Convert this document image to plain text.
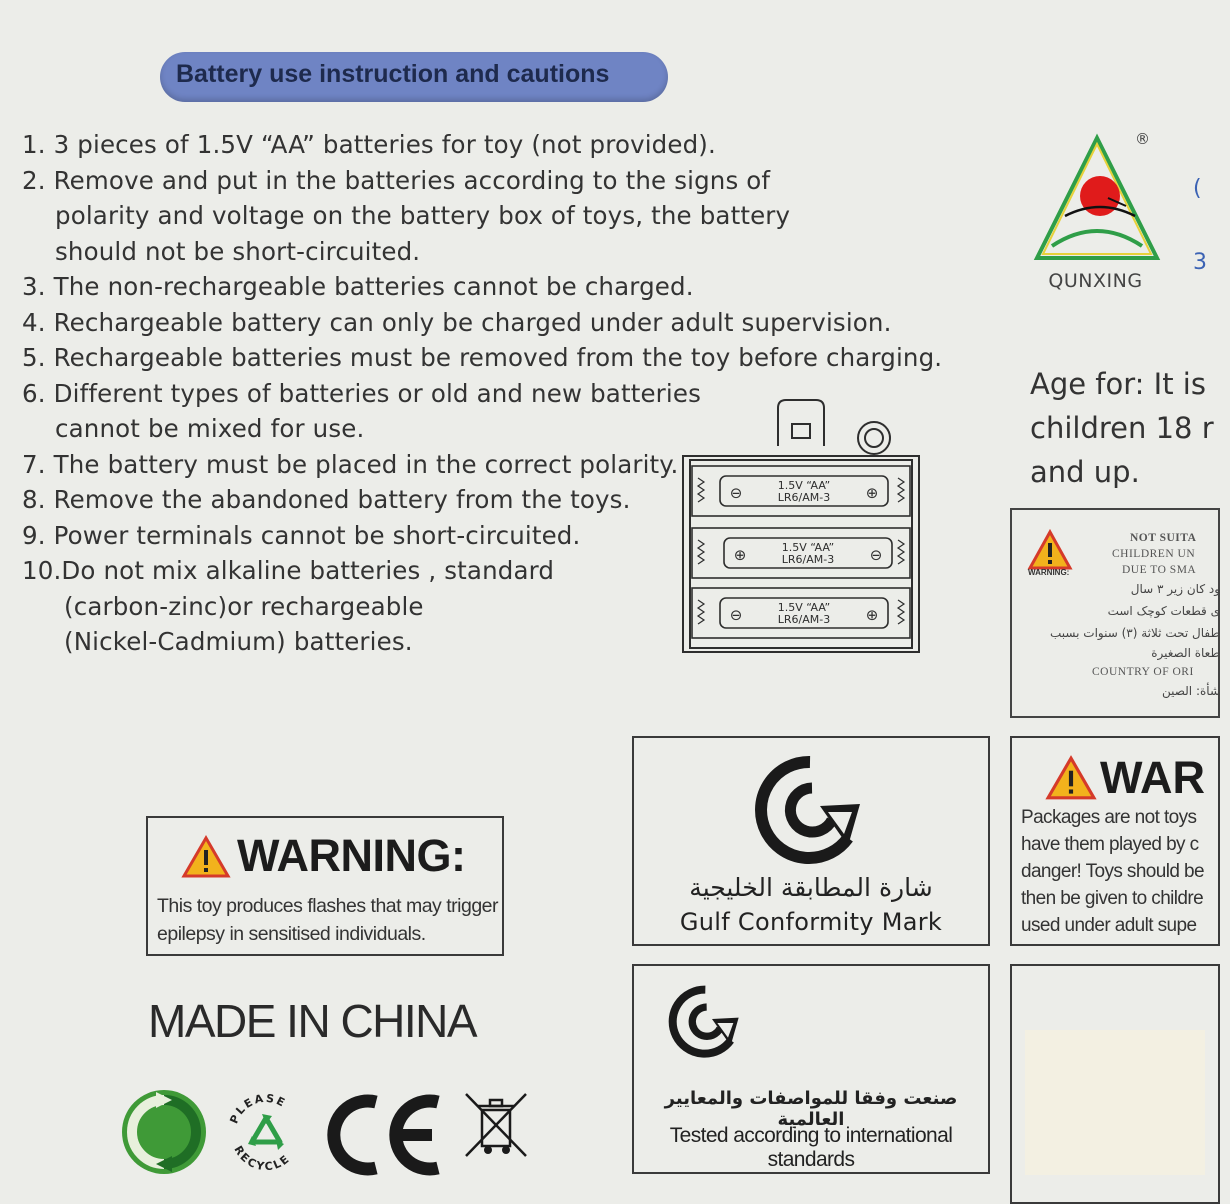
Battery use instruction and cautions
1. 3 pieces of 1.5V “AA” batteries for toy (not provided).
2. Remove and put in the batteries according to the signs of
polarity and voltage on the battery box of toys, the battery
should not be short-circuited.
3. The non-rechargeable batteries cannot be charged.
4. Rechargeable battery can only be charged under adult supervision.
5. Rechargeable batteries must be removed from the toy before charging.
6. Different types of batteries or old and new batteries
cannot be mixed for use.
7. The battery must be placed in the correct polarity.
8. Remove the abandoned battery from the toys.
9. Power terminals cannot be short-circuited.
10.Do not mix alkaline batteries , standard
(carbon-zinc)or rechargeable
(Nickel-Cadmium) batteries.
⊖	⊕
1.5V “AA”
LR6/AM-3
⊕	⊖
1.5V “AA”
LR6/AM-3
⊖	⊕
1.5V “AA”
LR6/AM-3
®
QUNXING
(
3
Age for: It is
children 18 r
and up.
WARNING:
NOT SUITA
CHILDREN UN
DUE TO SMA
ود کان زیر ۳ سال
ی قطعات کوچک است
طفال تحت ثلاثة (٣) سنوات بسبب
طعاة الصغيرة
COUNTRY OF ORI
شأة: الصين
WARNING:
This toy produces flashes that may trigger
epilepsy in sensitised individuals.
MADE IN CHINA
شارة المطابقة الخليجية
Gulf Conformity Mark
صنعت وفقا للمواصفات والمعايير العالمية
Tested according to international standards
WAR
Packages are not toys
have them played by c
danger! Toys should be
then be given to childre
used under adult supe
PLEASE
RECYCLE
